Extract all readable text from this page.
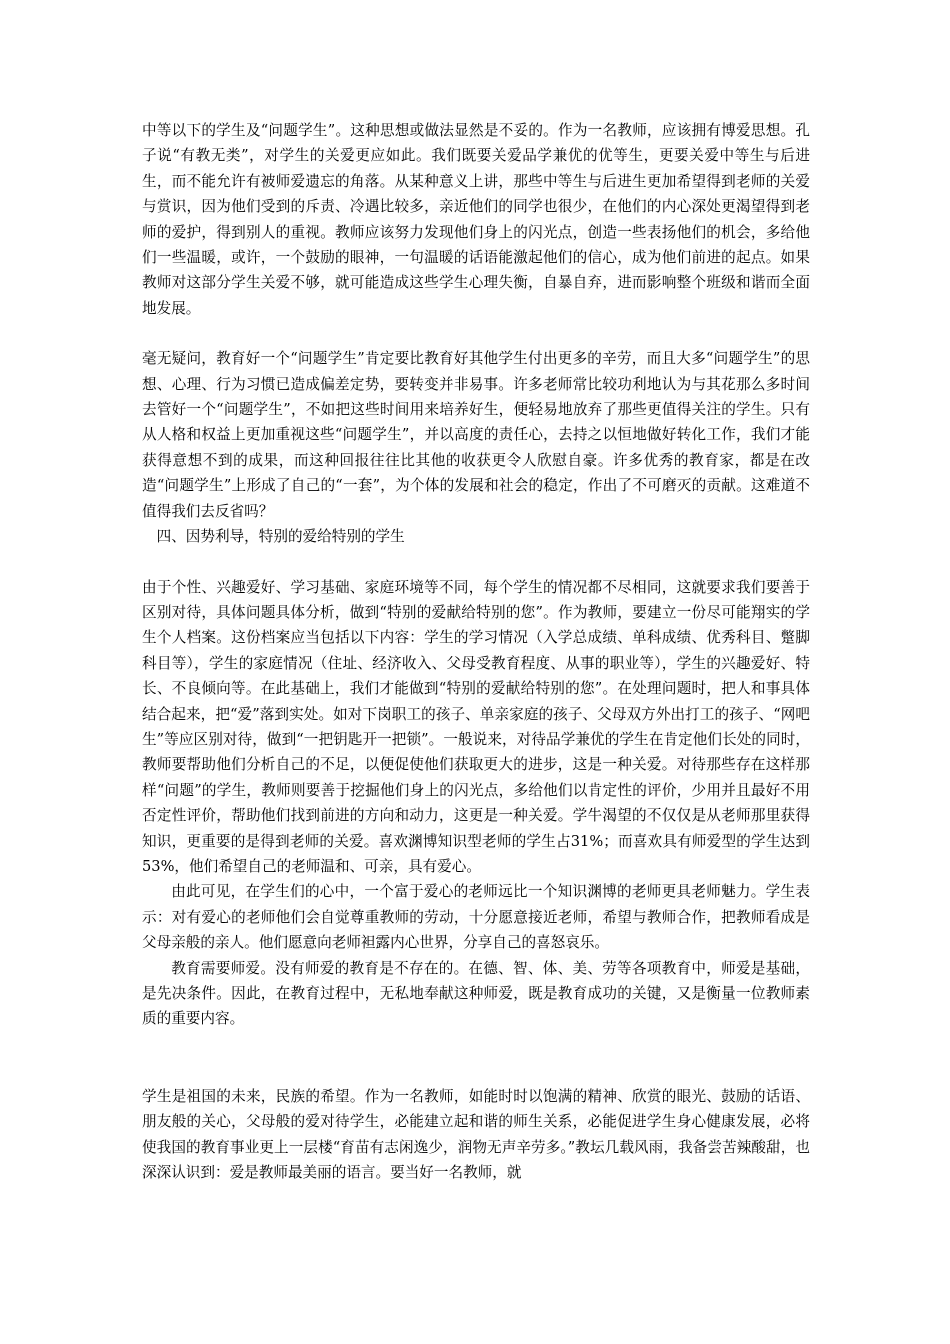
中等以下的学生及“问题学生”。这种思想或做法显然是不妥的。作为一名教师，应该拥有博爱思想。孔子说“有教无类”，对学生的关爱更应如此。我们既要关爱品学兼优的优等生，更要关爱中等生与后进生，而不能允许有被师爱遗忘的角落。从某种意义上讲，那些中等生与后进生更加希望得到老师的关爱与赏识，因为他们受到的斥责、冷遇比较多，亲近他们的同学也很少，在他们的内心深处更渴望得到老师的爱护，得到别人的重视。教师应该努力发现他们身上的闪光点，创造一些表扬他们的机会，多给他们一些温暖，或许，一个鼓励的眼神，一句温暖的话语能激起他们的信心，成为他们前进的起点。如果教师对这部分学生关爱不够，就可能造成这些学生心理失衡，自暴自弃，进而影响整个班级和谐而全面地发展。

毫无疑问，教育好一个“问题学生”肯定要比教育好其他学生付出更多的辛劳，而且大多“问题学生”的思想、心理、行为习惯已造成偏差定势，要转变并非易事。许多老师常比较功利地认为与其花那么多时间去管好一个“问题学生”，不如把这些时间用来培养好生，便轻易地放弃了那些更值得关注的学生。只有从人格和权益上更加重视这些“问题学生”，并以高度的责任心，去持之以恒地做好转化工作，我们才能获得意想不到的成果，而这种回报往往比其他的收获更令人欣慰自豪。许多优秀的教育家，都是在改造“问题学生”上形成了自己的“一套”，为个体的发展和社会的稳定，作出了不可磨灭的贡献。这难道不值得我们去反省吗？

四、因势利导，特别的爱给特别的学生

由于个性、兴趣爱好、学习基础、家庭环境等不同，每个学生的情况都不尽相同，这就要求我们要善于区别对待，具体问题具体分析，做到“特别的爱献给特别的您”。作为教师，要建立一份尽可能翔实的学生个人档案。这份档案应当包括以下内容：学生的学习情况（入学总成绩、单科成绩、优秀科目、蹩脚科目等），学生的家庭情况（住址、经济收入、父母受教育程度、从事的职业等），学生的兴趣爱好、特长、不良倾向等。在此基础上，我们才能做到“特别的爱献给特别的您”。在处理问题时，把人和事具体结合起来，把“爱”落到实处。如对下岗职工的孩子、单亲家庭的孩子、父母双方外出打工的孩子、“网吧生”等应区别对待，做到“一把钥匙开一把锁”。一般说来，对待品学兼优的学生在肯定他们长处的同时，教师要帮助他们分析自己的不足，以便促使他们获取更大的进步，这是一种关爱。对待那些存在这样那样“问题”的学生，教师则要善于挖掘他们身上的闪光点，多给他们以肯定性的评价，少用并且最好不用否定性评价，帮助他们找到前进的方向和动力，这更是一种关爱。学牛渴望的不仅仅是从老师那里获得知识，更重要的是得到老师的关爱。喜欢渊博知识型老师的学生占31%；而喜欢具有师爱型的学生达到53%，他们希望自己的老师温和、可亲，具有爱心。

由此可见，在学生们的心中，一个富于爱心的老师远比一个知识渊博的老师更具老师魅力。学生表示：对有爱心的老师他们会自觉尊重教师的劳动，十分愿意接近老师，希望与教师合作，把教师看成是父母亲般的亲人。他们愿意向老师袒露内心世界，分享自己的喜怒哀乐。

教育需要师爱。没有师爱的教育是不存在的。在德、智、体、美、劳等各项教育中，师爱是基础，是先决条件。因此，在教育过程中，无私地奉献这种师爱，既是教育成功的关键，又是衡量一位教师素质的重要内容。

学生是祖国的未来，民族的希望。作为一名教师，如能时时以饱满的精神、欣赏的眼光、鼓励的话语、朋友般的关心，父母般的爱对待学生，必能建立起和谐的师生关系，必能促进学生身心健康发展，必将使我国的教育事业更上一层楼“育苗有志闲逸少，润物无声辛劳多。”教坛几载风雨，我备尝苦辣酸甜，也深深认识到：爱是教师最美丽的语言。要当好一名教师，就
